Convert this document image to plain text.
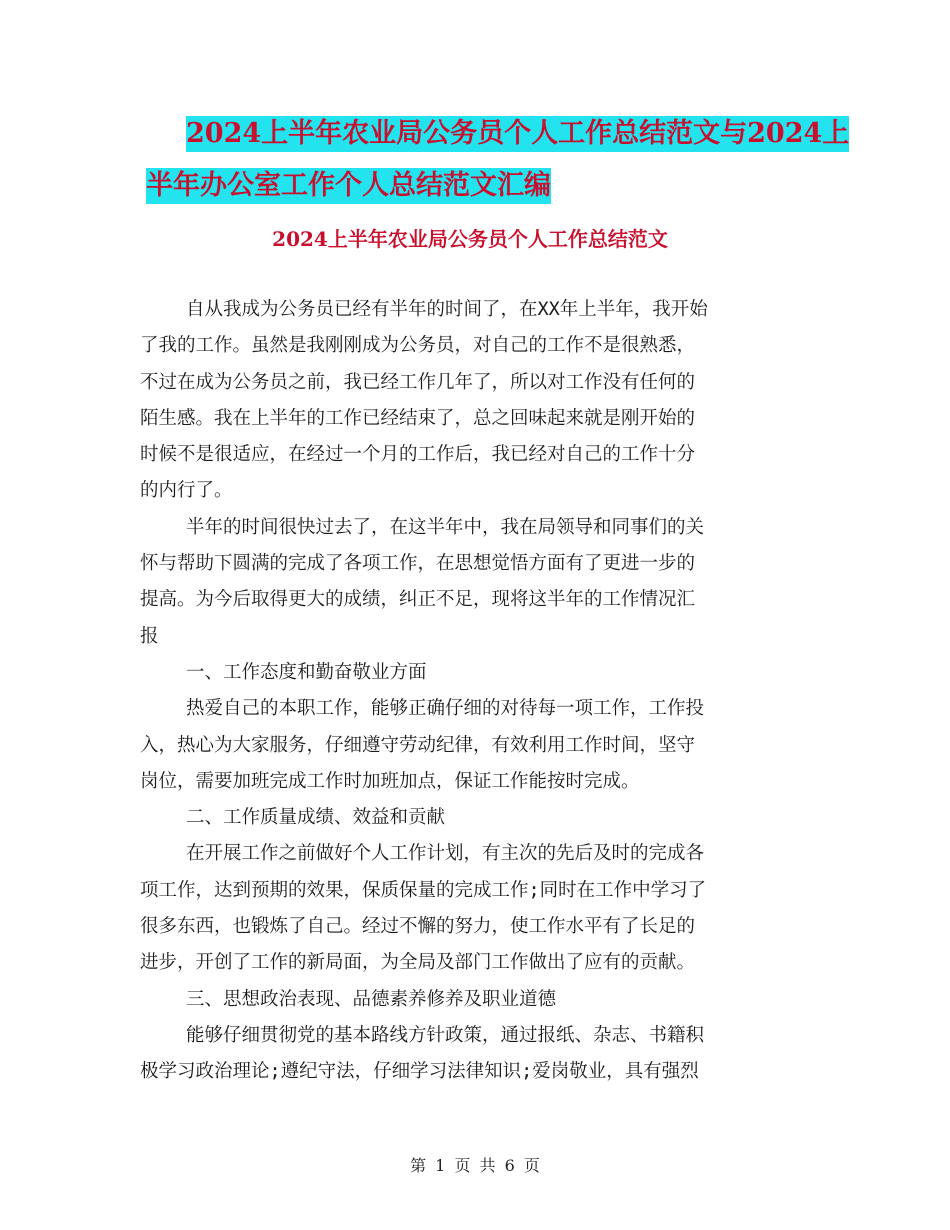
2024上半年农业局公务员个人工作总结范文与2024上
半年办公室工作个人总结范文汇编
2024上半年农业局公务员个人工作总结范文
自从我成为公务员已经有半年的时间了，在XX年上半年，我开始
了我的工作。虽然是我刚刚成为公务员，对自己的工作不是很熟悉，
不过在成为公务员之前，我已经工作几年了，所以对工作没有任何的
陌生感。我在上半年的工作已经结束了，总之回味起来就是刚开始的
时候不是很适应，在经过一个月的工作后，我已经对自己的工作十分
的内行了。
半年的时间很快过去了，在这半年中，我在局领导和同事们的关
怀与帮助下圆满的完成了各项工作，在思想觉悟方面有了更进一步的
提高。为今后取得更大的成绩，纠正不足，现将这半年的工作情况汇
报
一、工作态度和勤奋敬业方面
热爱自己的本职工作，能够正确仔细的对待每一项工作，工作投
入，热心为大家服务，仔细遵守劳动纪律，有效利用工作时间，坚守
岗位，需要加班完成工作时加班加点，保证工作能按时完成。
二、工作质量成绩、效益和贡献
在开展工作之前做好个人工作计划，有主次的先后及时的完成各
项工作，达到预期的效果，保质保量的完成工作;同时在工作中学习了
很多东西，也锻炼了自己。经过不懈的努力，使工作水平有了长足的
进步，开创了工作的新局面，为全局及部门工作做出了应有的贡献。
三、思想政治表现、品德素养修养及职业道德
能够仔细贯彻党的基本路线方针政策，通过报纸、杂志、书籍积
极学习政治理论;遵纪守法，仔细学习法律知识;爱岗敬业，具有强烈
第 1 页 共 6 页
